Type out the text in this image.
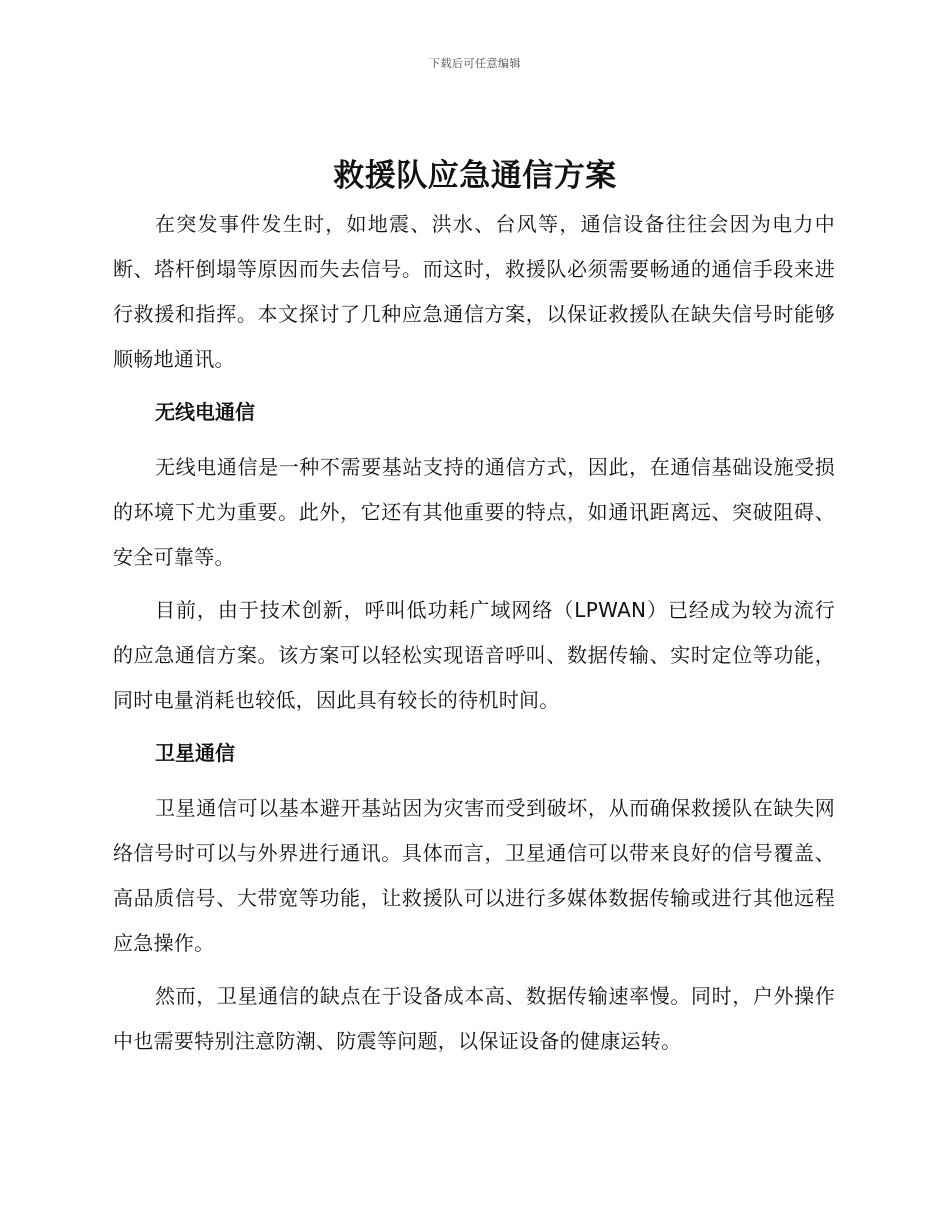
下载后可任意编辑
救援队应急通信方案

在突发事件发生时，如地震、洪水、台风等，通信设备往往会因为电力中断、塔杆倒塌等原因而失去信号。而这时，救援队必须需要畅通的通信手段来进行救援和指挥。本文探讨了几种应急通信方案，以保证救援队在缺失信号时能够顺畅地通讯。

无线电通信

无线电通信是一种不需要基站支持的通信方式，因此，在通信基础设施受损的环境下尤为重要。此外，它还有其他重要的特点，如通讯距离远、突破阻碍、安全可靠等。

目前，由于技术创新，呼叫低功耗广域网络（LPWAN）已经成为较为流行的应急通信方案。该方案可以轻松实现语音呼叫、数据传输、实时定位等功能，同时电量消耗也较低，因此具有较长的待机时间。

卫星通信

卫星通信可以基本避开基站因为灾害而受到破坏，从而确保救援队在缺失网络信号时可以与外界进行通讯。具体而言，卫星通信可以带来良好的信号覆盖、高品质信号、大带宽等功能，让救援队可以进行多媒体数据传输或进行其他远程应急操作。

然而，卫星通信的缺点在于设备成本高、数据传输速率慢。同时，户外操作中也需要特别注意防潮、防震等问题，以保证设备的健康运转。
